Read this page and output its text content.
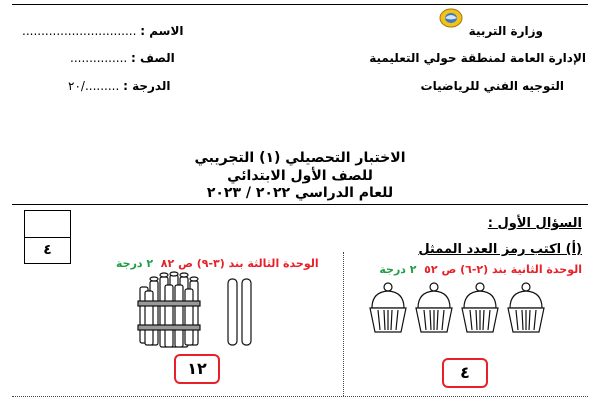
وزارة التربية
الإدارة العامة لمنطقة حولي التعليمية
التوجيه الفني للرياضيات
الاسم : ..............................
الصف : ...............
الدرجة : ........./٢٠
الاختبار التحصيلي (١) التجريبي
للصف الأول الابتدائي
للعام الدراسي ٢٠٢٢ / ٢٠٢٣
٤
السؤال الأول :
(أ) اكتب رمز العدد الممثل
الوحدة الثانية بند (٢-٦) ص ٥٢  ٢ درجة
الوحدة الثالثة بند (٣-٩) ص ٨٢  ٢ درجة
١٢	٤
